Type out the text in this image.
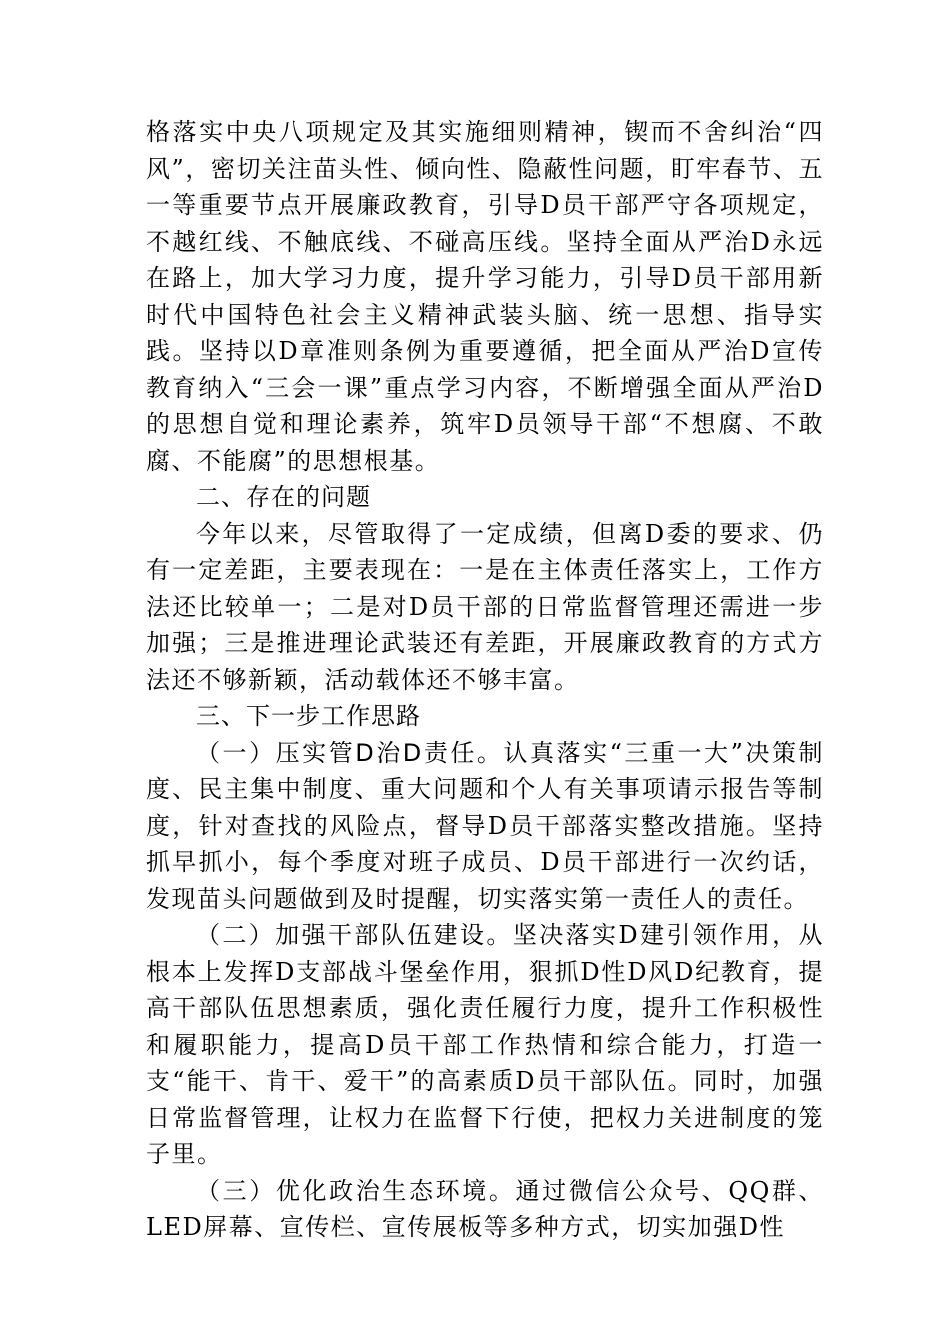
格落实中央八项规定及其实施细则精神，锲而不舍纠治“四风”，密切关注苗头性、倾向性、隐蔽性问题，盯牢春节、五一等重要节点开展廉政教育，引导D员干部严守各项规定，不越红线、不触底线、不碰高压线。坚持全面从严治D永远在路上，加大学习力度，提升学习能力，引导D员干部用新时代中国特色社会主义精神武装头脑、统一思想、指导实践。坚持以D章准则条例为重要遵循，把全面从严治D宣传教育纳入“三会一课”重点学习内容，不断增强全面从严治D的思想自觉和理论素养，筑牢D员领导干部“不想腐、不敢腐、不能腐”的思想根基。

二、存在的问题

今年以来，尽管取得了一定成绩，但离D委的要求、仍有一定差距，主要表现在：一是在主体责任落实上，工作方法还比较单一；二是对D员干部的日常监督管理还需进一步加强；三是推进理论武装还有差距，开展廉政教育的方式方法还不够新颖，活动载体还不够丰富。

三、下一步工作思路

（一）压实管D治D责任。认真落实“三重一大”决策制度、民主集中制度、重大问题和个人有关事项请示报告等制度，针对查找的风险点，督导D员干部落实整改措施。坚持抓早抓小，每个季度对班子成员、D员干部进行一次约话，发现苗头问题做到及时提醒，切实落实第一责任人的责任。

（二）加强干部队伍建设。坚决落实D建引领作用，从根本上发挥D支部战斗堡垒作用，狠抓D性D风D纪教育，提高干部队伍思想素质，强化责任履行力度，提升工作积极性和履职能力，提高D员干部工作热情和综合能力，打造一支“能干、肯干、爱干”的高素质D员干部队伍。同时，加强日常监督管理，让权力在监督下行使，把权力关进制度的笼子里。

（三）优化政治生态环境。通过微信公众号、QQ群、LED屏幕、宣传栏、宣传展板等多种方式，切实加强D性
